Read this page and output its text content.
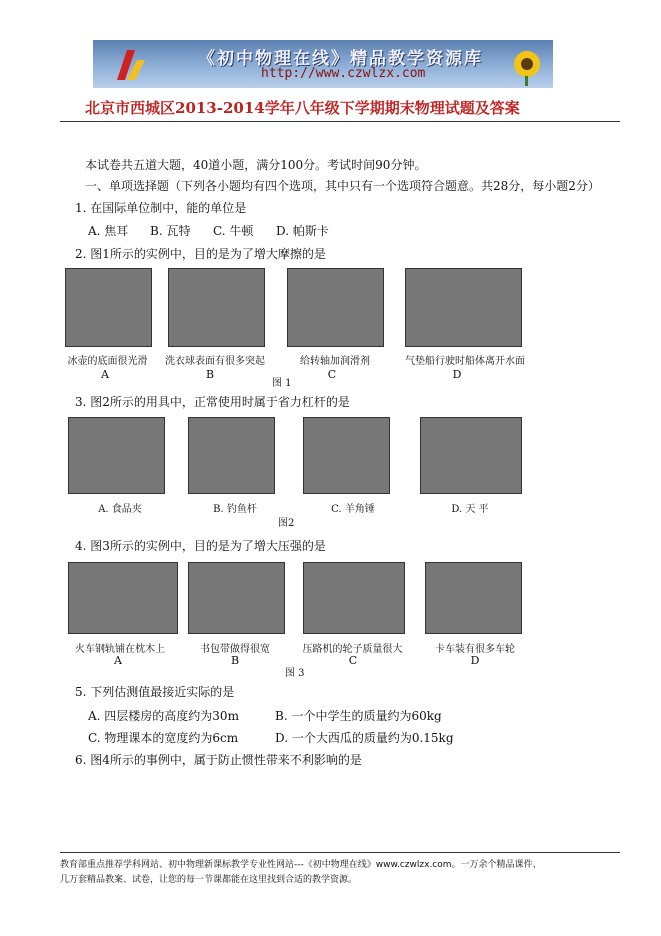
《初中物理在线》精品教学资源库
http://www.czwlzx.com
北京市西城区2013-2014学年八年级下学期期末物理试题及答案
本试卷共五道大题，40道小题，满分100分。考试时间90分钟。
一、单项选择题（下列各小题均有四个选项，其中只有一个选项符合题意。共28分，每小题2分）
1. 在国际单位制中，能的单位是
A. 焦耳 B. 瓦特 C. 牛顿 D. 帕斯卡
2. 图1所示的实例中，目的是为了增大摩擦的是
冰壶的底面很光滑	洗衣球表面有很多突起	给转轴加润滑剂	气垫船行驶时船体离开水面
A	B	C	D
图 1
3. 图2所示的用具中，正常使用时属于省力杠杆的是
A. 食品夹	B. 钓鱼杆	C. 羊角锤	D. 天 平
图2
4. 图3所示的实例中，目的是为了增大压强的是
火车钢轨铺在枕木上	书包带做得很宽	压路机的轮子质量很大	卡车装有很多车轮
A	B	C	D
图 3
5. 下列估测值最接近实际的是
A. 四层楼房的高度约为30m	B. 一个中学生的质量约为60kg
C. 物理课本的宽度约为6cm	D. 一个大西瓜的质量约为0.15kg
6. 图4所示的事例中，属于防止惯性带来不利影响的是
教育部重点推荐学科网站、初中物理新课标教学专业性网站---《初中物理在线》www.czwlzx.com。一万余个精品课件、
几万套精品教案、试卷，让您的每一节课都能在这里找到合适的教学资源。
